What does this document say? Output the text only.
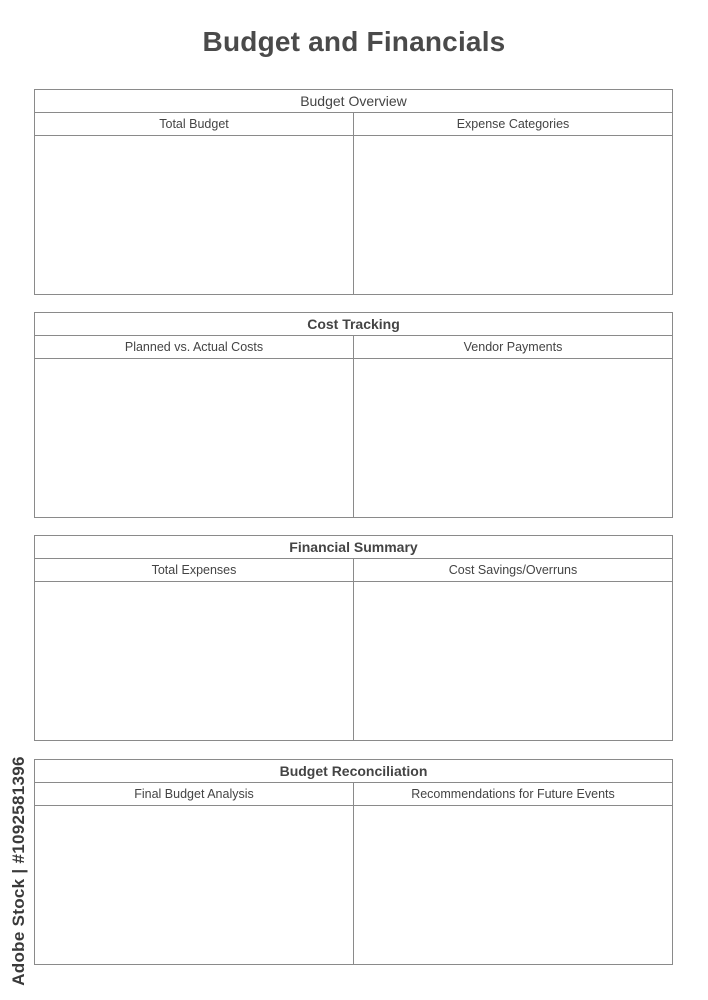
Budget and Financials
Budget Overview
Total Budget	Expense Categories
Cost Tracking
Planned vs. Actual Costs	Vendor Payments
Financial Summary
Total Expenses	Cost Savings/Overruns
Budget Reconciliation
Final Budget Analysis	Recommendations for Future Events
Adobe Stock | #1092581396
